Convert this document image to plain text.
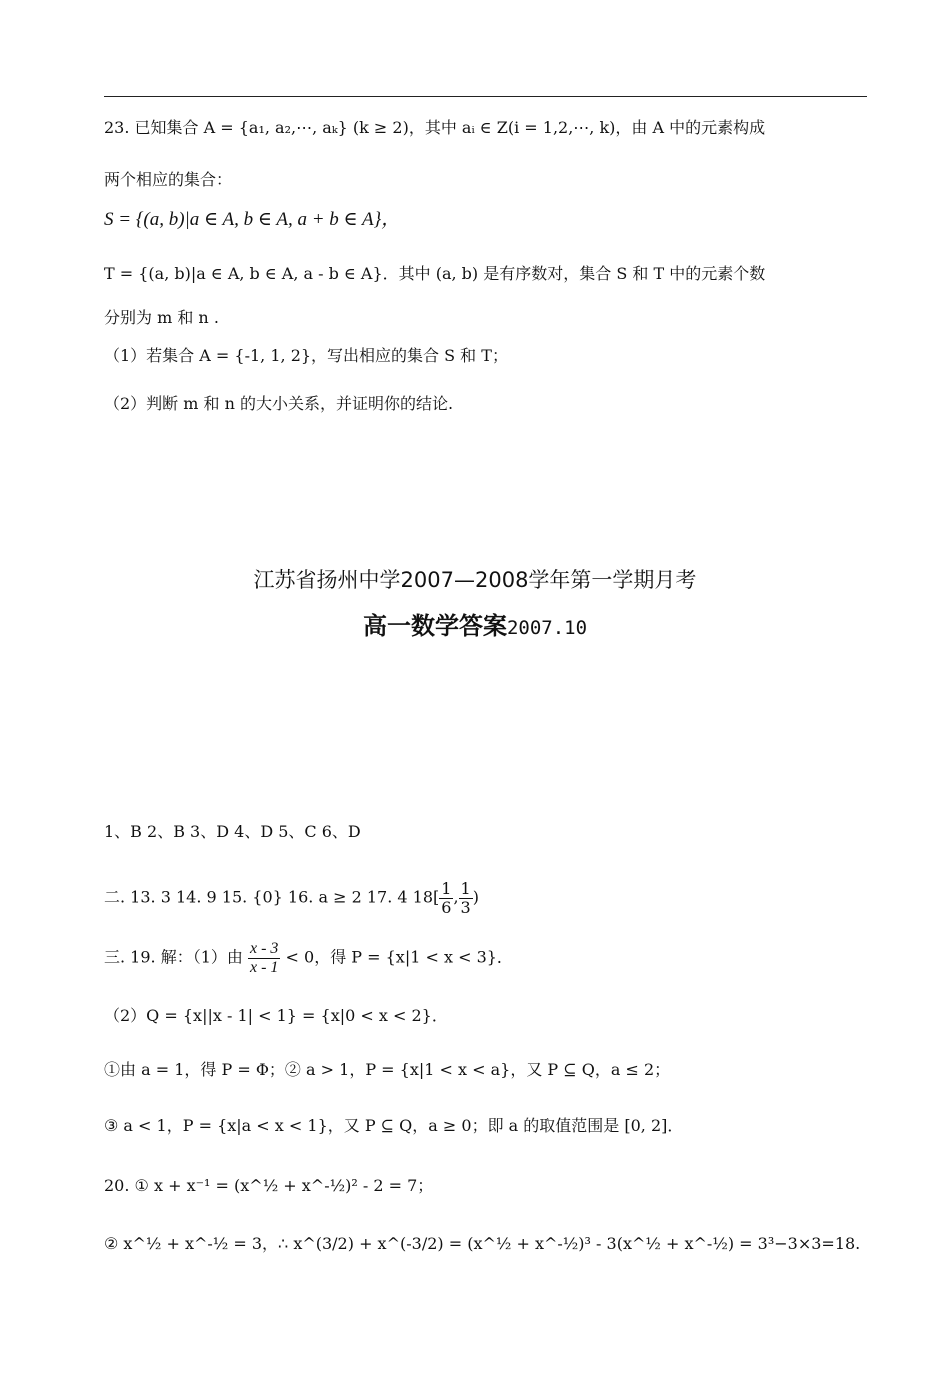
23. 已知集合 A = {a₁, a₂,⋯, aₖ} (k ≥ 2)，其中 aᵢ ∈ Z(i = 1,2,⋯, k)，由 A 中的元素构成
两个相应的集合：
S = {(a, b)|a ∈ A, b ∈ A, a + b ∈ A}，
T = {(a, b)|a ∈ A, b ∈ A, a - b ∈ A}．其中 (a, b) 是有序数对，集合 S 和 T 中的元素个数
分别为 m 和 n .
（1）若集合 A = {-1, 1, 2}，写出相应的集合 S 和 T；
（2）判断 m 和 n 的大小关系，并证明你的结论.
江苏省扬州中学2007—2008学年第一学期月考
高一数学答案2007.10
1、B 2、B 3、D 4、D 5、C 6、D
二. 13. 3 14. 9 15. {0} 16. a ≥ 2 17. 4 $18[ \frac{1}{6}$ , $\frac{1}{3}$ )
三. 19. 解：（1）由 $\frac{x - 3}{x - 1} < 0$，得 P = {x|1 < x < 3}．
（2）Q = {x||x - 1| < 1} = {x|0 < x < 2}．
①由 a = 1，得 P = Φ；② a > 1，P = {x|1 < x < a}，又 P ⊆ Q，a ≤ 2；
③ a < 1，P = {x|a < x < 1}，又 P ⊆ Q，a ≥ 0；即 a 的取值范围是 [0, 2]．
20. ① x + x⁻¹ = (x^½ + x^-½)² - 2 = 7；
② x^½ + x^-½ = 3，∴ x^(3/2) + x^(-3/2) = (x^½ + x^-½)³ - 3(x^½ + x^-½) = 3³−3×3=18.
